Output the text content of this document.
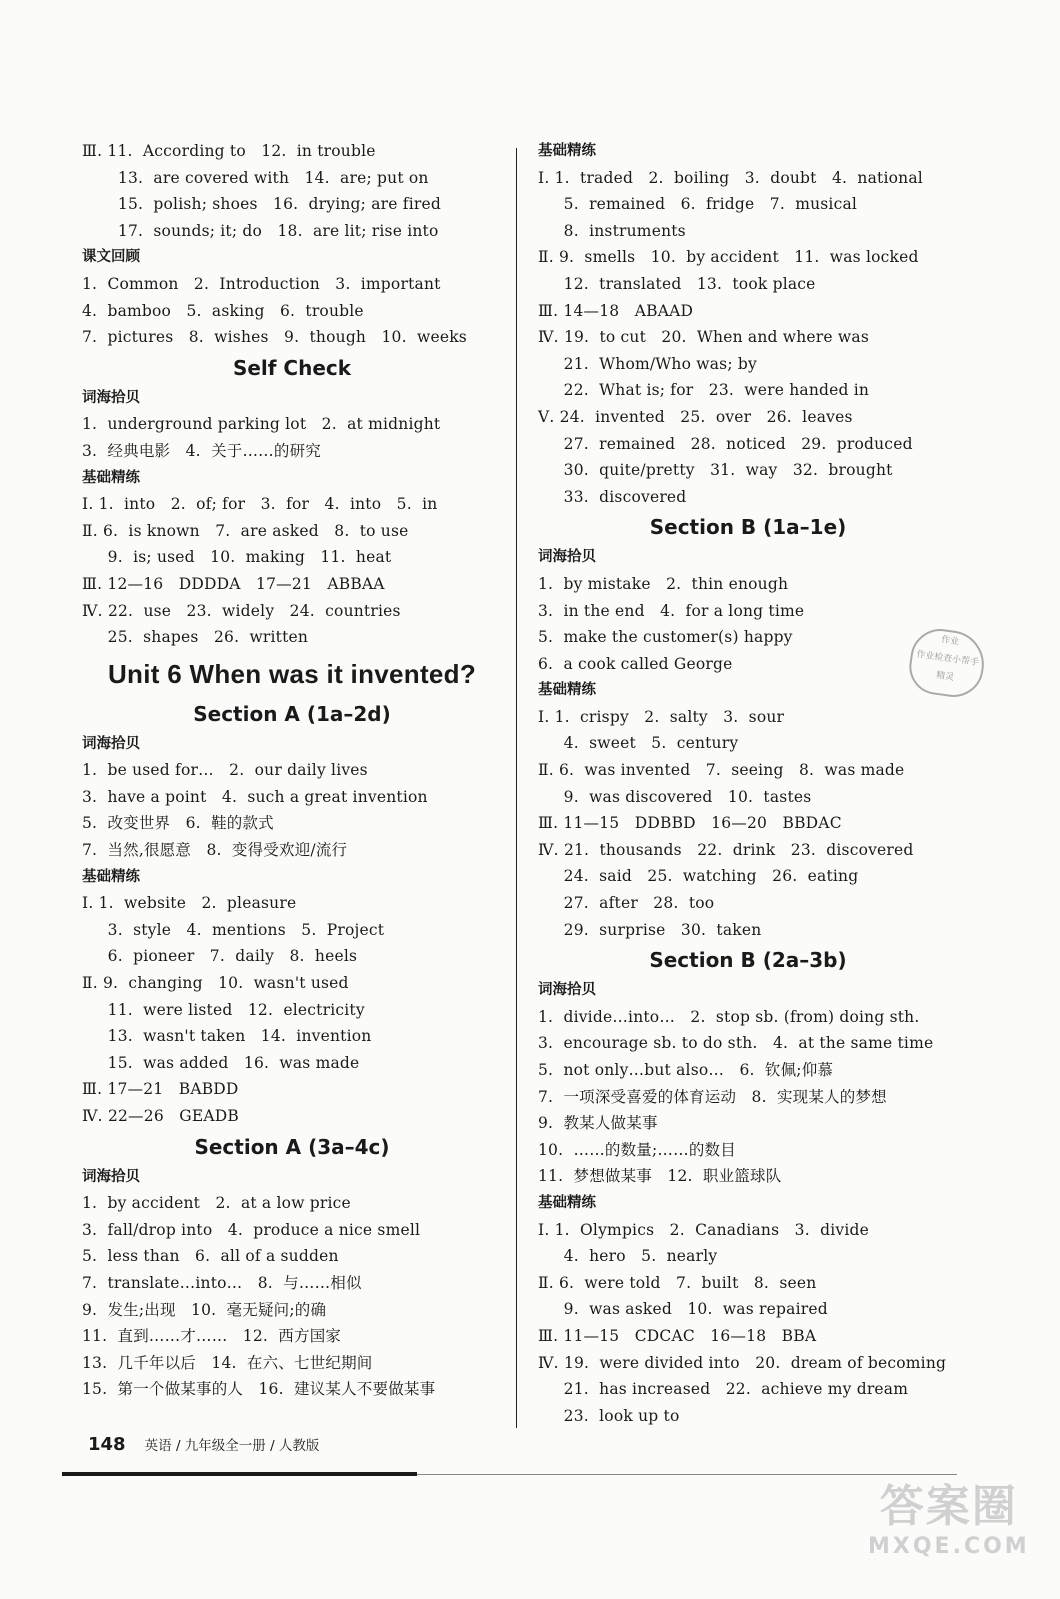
Ⅲ. 11.  According to   12.  in trouble
13.  are covered with   14.  are; put on
15.  polish; shoes   16.  drying; are fired
17.  sounds; it; do   18.  are lit; rise into
课文回顾
1.  Common   2.  Introduction   3.  important
4.  bamboo   5.  asking   6.  trouble
7.  pictures   8.  wishes   9.  though   10.  weeks
Self Check
词海拾贝
1.  underground parking lot   2.  at midnight
3.  经典电影   4.  关于……的研究
基础精练
Ⅰ. 1.  into   2.  of; for   3.  for   4.  into   5.  in
Ⅱ. 6.  is known   7.  are asked   8.  to use
9.  is; used   10.  making   11.  heat
Ⅲ. 12—16   DDDDA   17—21   ABBAA
Ⅳ. 22.  use   23.  widely   24.  countries
25.  shapes   26.  written
Unit 6 When was it invented?
Section A (1a–2d)
词海拾贝
1.  be used for…   2.  our daily lives
3.  have a point   4.  such a great invention
5.  改变世界   6.  鞋的款式
7.  当然,很愿意   8.  变得受欢迎/流行
基础精练
Ⅰ. 1.  website   2.  pleasure
3.  style   4.  mentions   5.  Project
6.  pioneer   7.  daily   8.  heels
Ⅱ. 9.  changing   10.  wasn't used
11.  were listed   12.  electricity
13.  wasn't taken   14.  invention
15.  was added   16.  was made
Ⅲ. 17—21   BABDD
Ⅳ. 22—26   GEADB
Section A (3a–4c)
词海拾贝
1.  by accident   2.  at a low price
3.  fall/drop into   4.  produce a nice smell
5.  less than   6.  all of a sudden
7.  translate…into…   8.  与……相似
9.  发生;出现   10.  毫无疑问;的确
11.  直到……才……   12.  西方国家
13.  几千年以后   14.  在六、七世纪期间
15.  第一个做某事的人   16.  建议某人不要做某事
基础精练
Ⅰ. 1.  traded   2.  boiling   3.  doubt   4.  national
5.  remained   6.  fridge   7.  musical
8.  instruments
Ⅱ. 9.  smells   10.  by accident   11.  was locked
12.  translated   13.  took place
Ⅲ. 14—18   ABAAD
Ⅳ. 19.  to cut   20.  When and where was
21.  Whom/Who was; by
22.  What is; for   23.  were handed in
Ⅴ. 24.  invented   25.  over   26.  leaves
27.  remained   28.  noticed   29.  produced
30.  quite/pretty   31.  way   32.  brought
33.  discovered
Section B (1a–1e)
词海拾贝
1.  by mistake   2.  thin enough
3.  in the end   4.  for a long time
5.  make the customer(s) happy
6.  a cook called George
基础精练
Ⅰ. 1.  crispy   2.  salty   3.  sour
4.  sweet   5.  century
Ⅱ. 6.  was invented   7.  seeing   8.  was made
9.  was discovered   10.  tastes
Ⅲ. 11—15   DDBBD   16—20   BBDAC
Ⅳ. 21.  thousands   22.  drink   23.  discovered
24.  said   25.  watching   26.  eating
27.  after   28.  too
29.  surprise   30.  taken
Section B (2a–3b)
词海拾贝
1.  divide…into…   2.  stop sb. (from) doing sth.
3.  encourage sb. to do sth.   4.  at the same time
5.  not only…but also…   6.  钦佩;仰慕
7.  一项深受喜爱的体育运动   8.  实现某人的梦想
9.  教某人做某事
10.  ……的数量;……的数目
11.  梦想做某事   12.  职业篮球队
基础精练
Ⅰ. 1.  Olympics   2.  Canadians   3.  divide
4.  hero   5.  nearly
Ⅱ. 6.  were told   7.  built   8.  seen
9.  was asked   10.  was repaired
Ⅲ. 11—15   CDCAC   16—18   BBA
Ⅳ. 19.  were divided into   20.  dream of becoming
21.  has increased   22.  achieve my dream
23.  look up to
作业
作业检查小帮手
精灵
148 英语 / 九年级全一册 / 人教版
答案圈
MXQE.COM
